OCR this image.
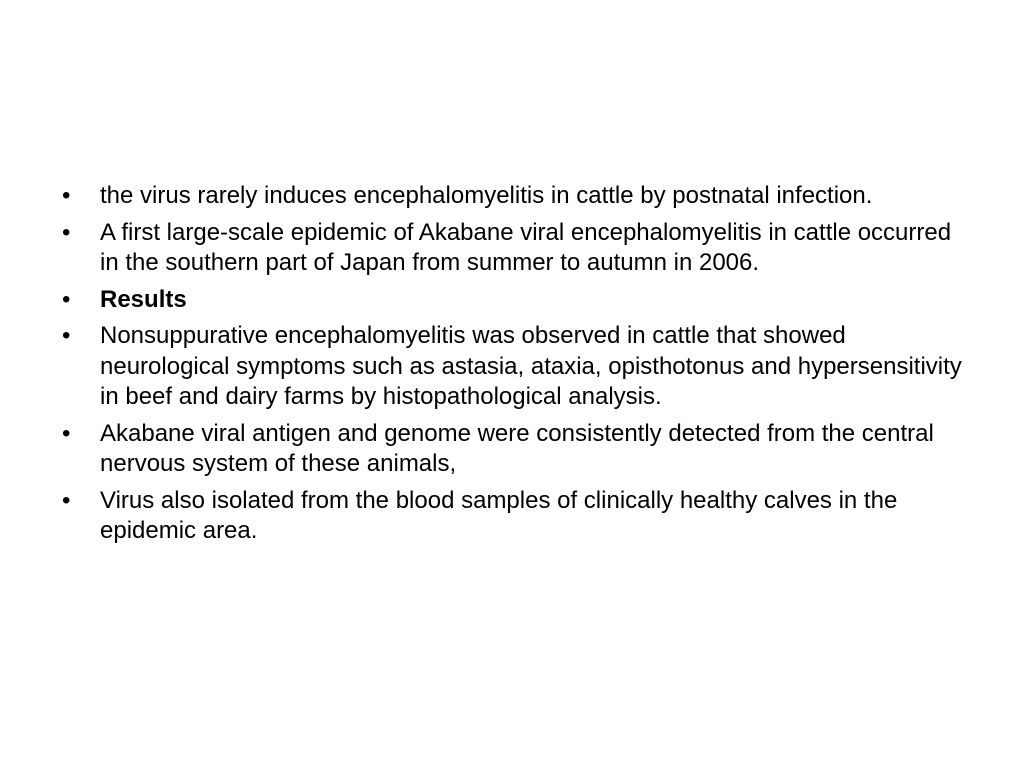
•	the virus rarely induces encephalomyelitis in cattle by postnatal infection.
•	A first large-scale epidemic of Akabane viral encephalomyelitis in cattle occurred in the southern part of Japan from summer to autumn in 2006.
•	Results
•	Nonsuppurative encephalomyelitis was observed in cattle that showed neurological symptoms such as astasia, ataxia, opisthotonus and hypersensitivity in beef and dairy farms by histopathological analysis.
•	Akabane viral antigen and genome were consistently detected from the central nervous system of these animals,
•	Virus also isolated from the blood samples of clinically healthy calves in the epidemic area.
